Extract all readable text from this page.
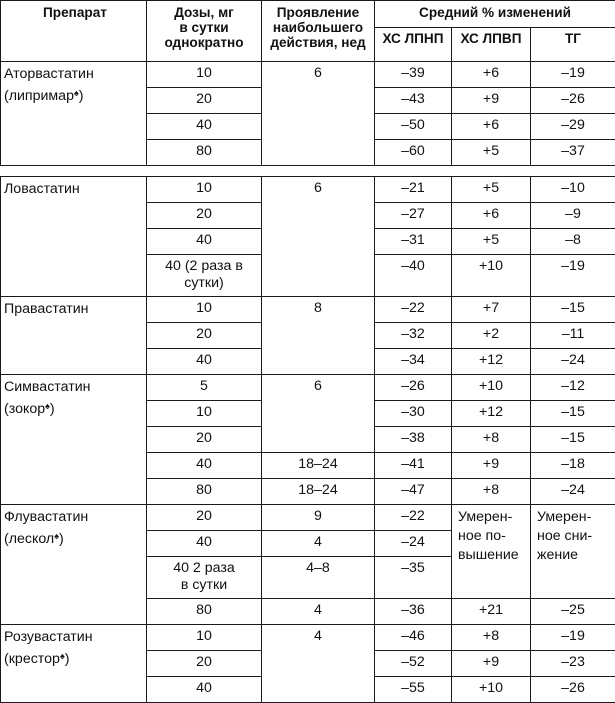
Препарат	Дозы, мг
в сутки
однократно	Проявление
наибольшего
действия, нед	Средний % изменений		
			ХС ЛПНП	ХС ЛПВП	ТГ
Аторвастатин
(липримар♠)	10	6	–39	+6	–19
	20		–43	+9	–26
	40		–50	+6	–29
	80		–60	+5	–37

Ловастатин	10	6	–21	+5	–10
	20		–27	+6	–9
	40		–31	+5	–8
	40 (2 раза в
сутки)		–40	+10	–19
Правастатин	10	8	–22	+7	–15
	20		–32	+2	–11
	40		–34	+12	–24
Симвастатин
(зокор♠)	5	6	–26	+10	–12
	10		–30	+12	–15
	20		–38	+8	–15
	40	18–24	–41	+9	–18
	80	18–24	–47	+8	–24
Флувастатин
(лескол♠)	20	9	–22	Умерен-
ное по-
вышение	Умерен-
ное сни-
жение
	40	4	–24		
	40 2 раза
в сутки	4–8	–35		
	80	4	–36	+21	–25
Розувастатин
(крестор♠)	10	4	–46	+8	–19
	20		–52	+9	–23
	40		–55	+10	–26
